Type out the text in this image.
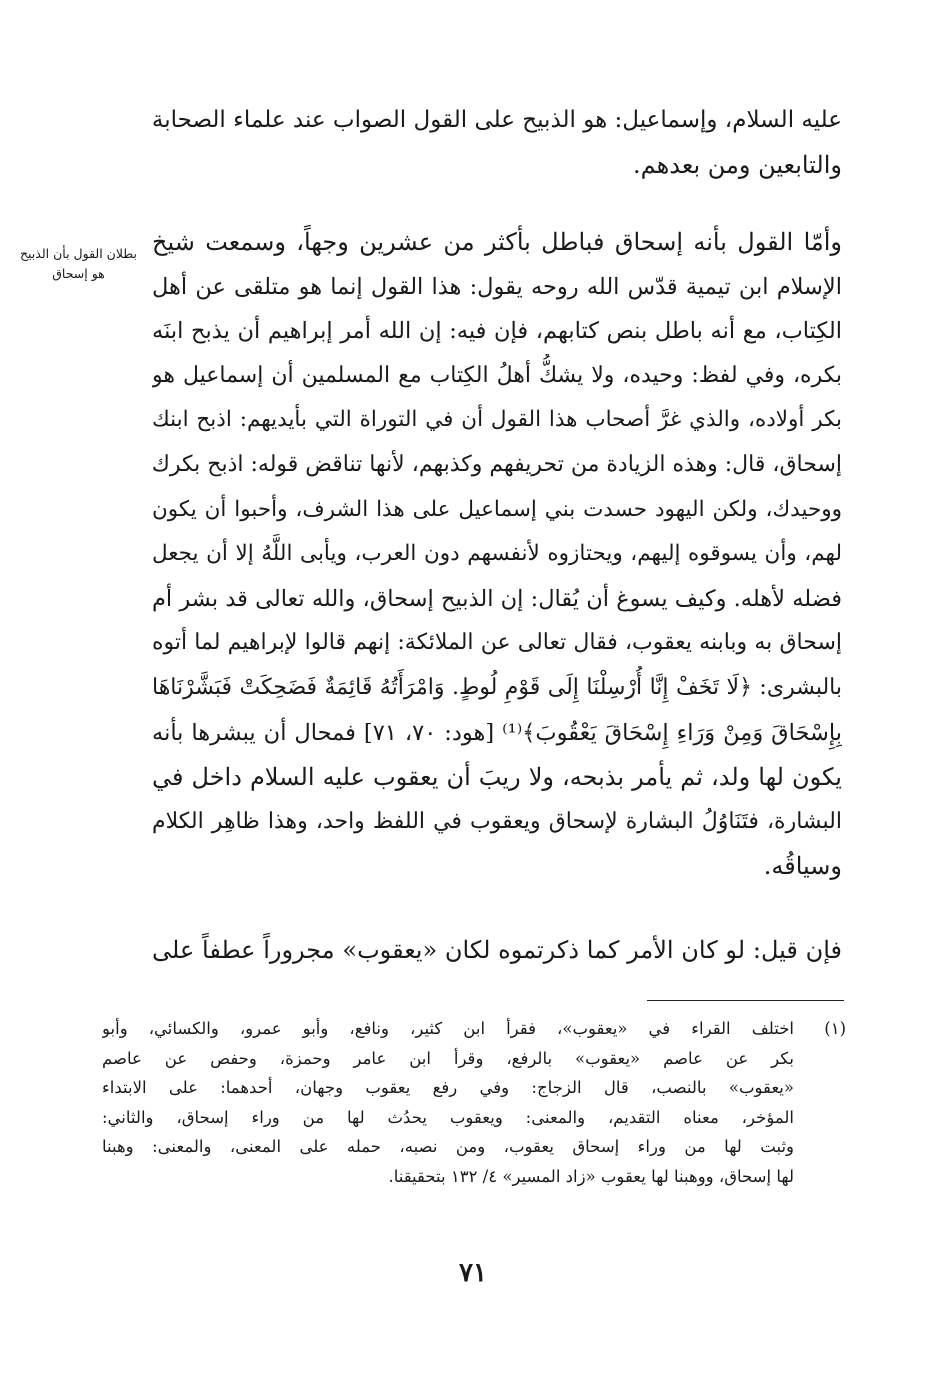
عليه السلام، وإسماعيل: هو الذبيح على القول الصواب عند علماء الصحابة
والتابعين ومن بعدهم.
وأمّا القول بأنه إسحاق فباطل بأكثر من عشرين وجهاً، وسمعت شيخ
الإسلام ابن تيمية قدّس الله روحه يقول: هذا القول إنما هو متلقى عن أهل
الكِتاب، مع أنه باطل بنص كتابهم، فإن فيه: إن الله أمر إبراهيم أن يذبح ابنَه
بكره، وفي لفظ: وحيده، ولا يشكُّ أهلُ الكِتاب مع المسلمين أن إسماعيل هو
بكر أولاده، والذي غرَّ أصحاب هذا القول أن في التوراة التي بأيديهم: اذبح ابنك
إسحاق، قال: وهذه الزيادة من تحريفهم وكذبهم، لأنها تناقض قوله: اذبح بكرك
ووحيدك، ولكن اليهود حسدت بني إسماعيل على هذا الشرف، وأحبوا أن يكون
لهم، وأن يسوقوه إليهم، ويحتازوه لأنفسهم دون العرب، ويأبى اللَّهُ إلا أن يجعل
فضله لأهله. وكيف يسوغ أن يُقال: إن الذبيح إسحاق، والله تعالى قد بشر أم
إسحاق به وبابنه يعقوب، فقال تعالى عن الملائكة: إنهم قالوا لإبراهيم لما أتوه
بالبشرى: ﴿لَا تَخَفْ إِنَّا أُرْسِلْنَا إِلَى قَوْمِ لُوطٍ. وَامْرَأَتُهُ قَائِمَةٌ فَضَحِكَتْ فَبَشَّرْنَاهَا
بِإِسْحَاقَ وَمِنْ وَرَاءِ إِسْحَاقَ يَعْقُوبَ﴾⁽¹⁾ [هود: ٧٠، ٧١] فمحال أن يبشرها بأنه
يكون لها ولد، ثم يأمر بذبحه، ولا ريبَ أن يعقوب عليه السلام داخل في
البشارة، فتَنَاوُلُ البشارة لإسحاق ويعقوب في اللفظ واحد، وهذا ظاهِر الكلام
وسياقُه.
بطلان القول بأن الذبيح
هو إسحاق
فإن قيل: لو كان الأمر كما ذكرتموه لكان «يعقوب» مجروراً عطفاً على
(١)
اختلف القراء في «يعقوب»، فقرأ ابن كثير، ونافع، وأبو عمرو، والكسائي، وأبو
بكر عن عاصم «يعقوب» بالرفع، وقرأ ابن عامر وحمزة، وحفص عن عاصم
«يعقوب» بالنصب، قال الزجاج: وفي رفع يعقوب وجهان، أحدهما: على الابتداء
المؤخر، معناه التقديم، والمعنى: ويعقوب يحدُث لها من وراء إسحاق، والثاني:
وثبت لها من وراء إسحاق يعقوب، ومن نصبه، حمله على المعنى، والمعنى: وهبنا
لها إسحاق، ووهبنا لها يعقوب «زاد المسير» ٤/ ١٣٢ بتحقيقنا.
٧١
